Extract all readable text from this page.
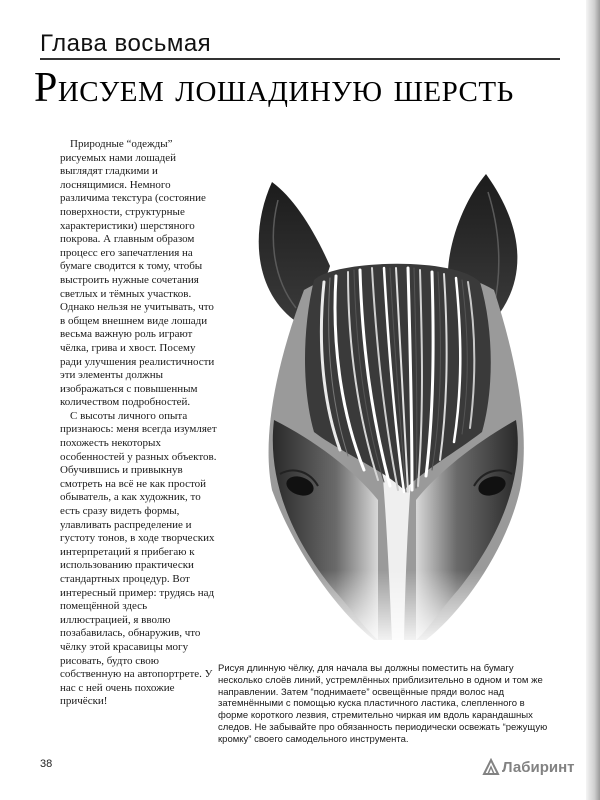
Глава восьмая
Рисуем лошадиную шерсть

Природные “одежды” рисуемых нами лошадей выглядят гладкими и лоснящимися. Немного различима текстура (состояние поверхности, структурные характеристики) шерстяного покрова. А главным образом процесс его запечатления на бумаге сводится к тому, чтобы выстроить нужные сочетания светлых и тёмных участков. Однако нельзя не учитывать, что в общем внешнем виде лошади весьма важную роль играют чёлка, грива и хвост. Посему ради улучшения реалистичности эти элементы должны изображаться с повышенным количеством подробностей.

С высоты личного опыта признаюсь: меня всегда изумляет похожесть некоторых особенностей у разных объектов. Обучившись и привыкнув смотреть на всё не как простой обыватель, а как художник, то есть сразу видеть формы, улавливать распределение и густоту тонов, в ходе творческих интерпретаций я прибегаю к использованию практически стандартных процедур. Вот интересный пример: трудясь над помещённой здесь иллюстрацией, я вволю позабавилась, обнаружив, что чёлку этой красавицы могу рисовать, будто свою собственную на автопортрете. У нас с ней очень похожие причёски!

Рисуя длинную чёлку, для начала вы должны поместить на бумагу несколько слоёв линий, устремлённых приблизительно в одном и том же направлении. Затем “поднимаете” освещённые пряди волос над затемнёнными с помощью куска пластичного ластика, слепленного в форме короткого лезвия, стремительно чиркая им вдоль карандашных следов. Не забывайте про обязанность периодически освежать “режущую кромку” своего самодельного инструмента.
38	Лабиринт
